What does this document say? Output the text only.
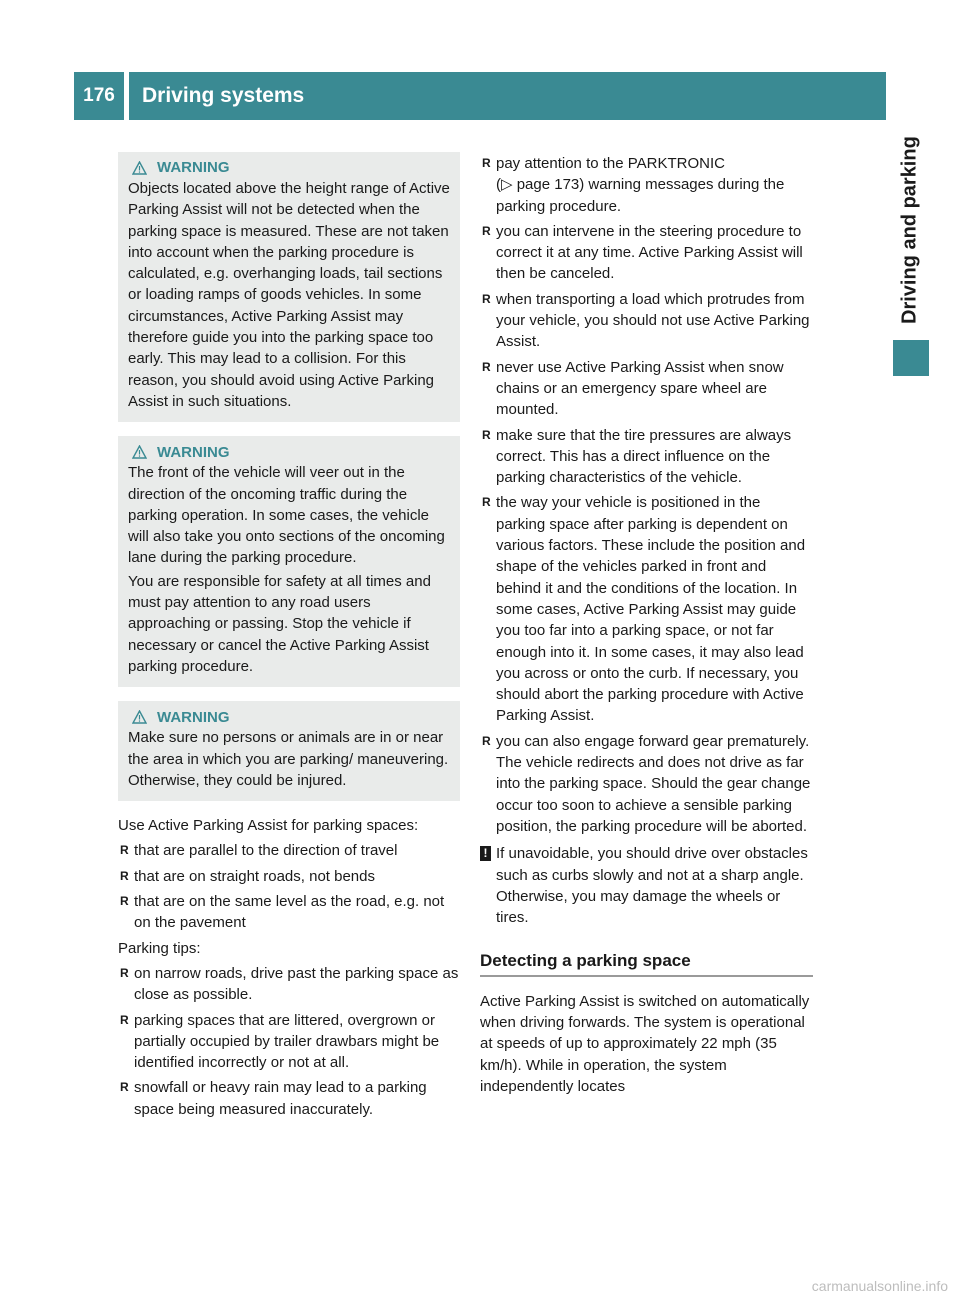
176	Driving systems
Driving and parking
WARNING

Objects located above the height range of Active Parking Assist will not be detected when the parking space is measured. These are not taken into account when the parking procedure is calculated, e.g. overhanging loads, tail sections or loading ramps of goods vehicles. In some circumstances, Active Parking Assist may therefore guide you into the parking space too early. This may lead to a collision. For this reason, you should avoid using Active Parking Assist in such situations.

WARNING

The front of the vehicle will veer out in the direction of the oncoming traffic during the parking operation. In some cases, the vehicle will also take you onto sections of the oncoming lane during the parking procedure.

You are responsible for safety at all times and must pay attention to any road users approaching or passing. Stop the vehicle if necessary or cancel the Active Parking Assist parking procedure.

WARNING

Make sure no persons or animals are in or near the area in which you are parking/ maneuvering. Otherwise, they could be injured.

Use Active Parking Assist for parking spaces:

R that are parallel to the direction of travel
R that are on straight roads, not bends
R that are on the same level as the road, e.g. not on the pavement

Parking tips:

R on narrow roads, drive past the parking space as close as possible.
R parking spaces that are littered, overgrown or partially occupied by trailer drawbars might be identified incorrectly or not at all.
R snowfall or heavy rain may lead to a parking space being measured inaccurately.
R pay attention to the PARKTRONIC
(▷ page 173) warning messages during the parking procedure.
R you can intervene in the steering procedure to correct it at any time. Active Parking Assist will then be canceled.
R when transporting a load which protrudes from your vehicle, you should not use Active Parking Assist.
R never use Active Parking Assist when snow chains or an emergency spare wheel are mounted.
R make sure that the tire pressures are always correct. This has a direct influence on the parking characteristics of the vehicle.
R the way your vehicle is positioned in the parking space after parking is dependent on various factors. These include the position and shape of the vehicles parked in front and behind it and the conditions of the location. In some cases, Active Parking Assist may guide you too far into a parking space, or not far enough into it. In some cases, it may also lead you across or onto the curb. If necessary, you should abort the parking procedure with Active Parking Assist.
R you can also engage forward gear prematurely. The vehicle redirects and does not drive as far into the parking space. Should the gear change occur too soon to achieve a sensible parking position, the parking procedure will be aborted.
! If unavoidable, you should drive over obstacles such as curbs slowly and not at a sharp angle. Otherwise, you may damage the wheels or tires.
Detecting a parking space

Active Parking Assist is switched on automatically when driving forwards. The system is operational at speeds of up to approximately 22 mph (35 km/h). While in operation, the system independently locates

carmanualsonline.info
